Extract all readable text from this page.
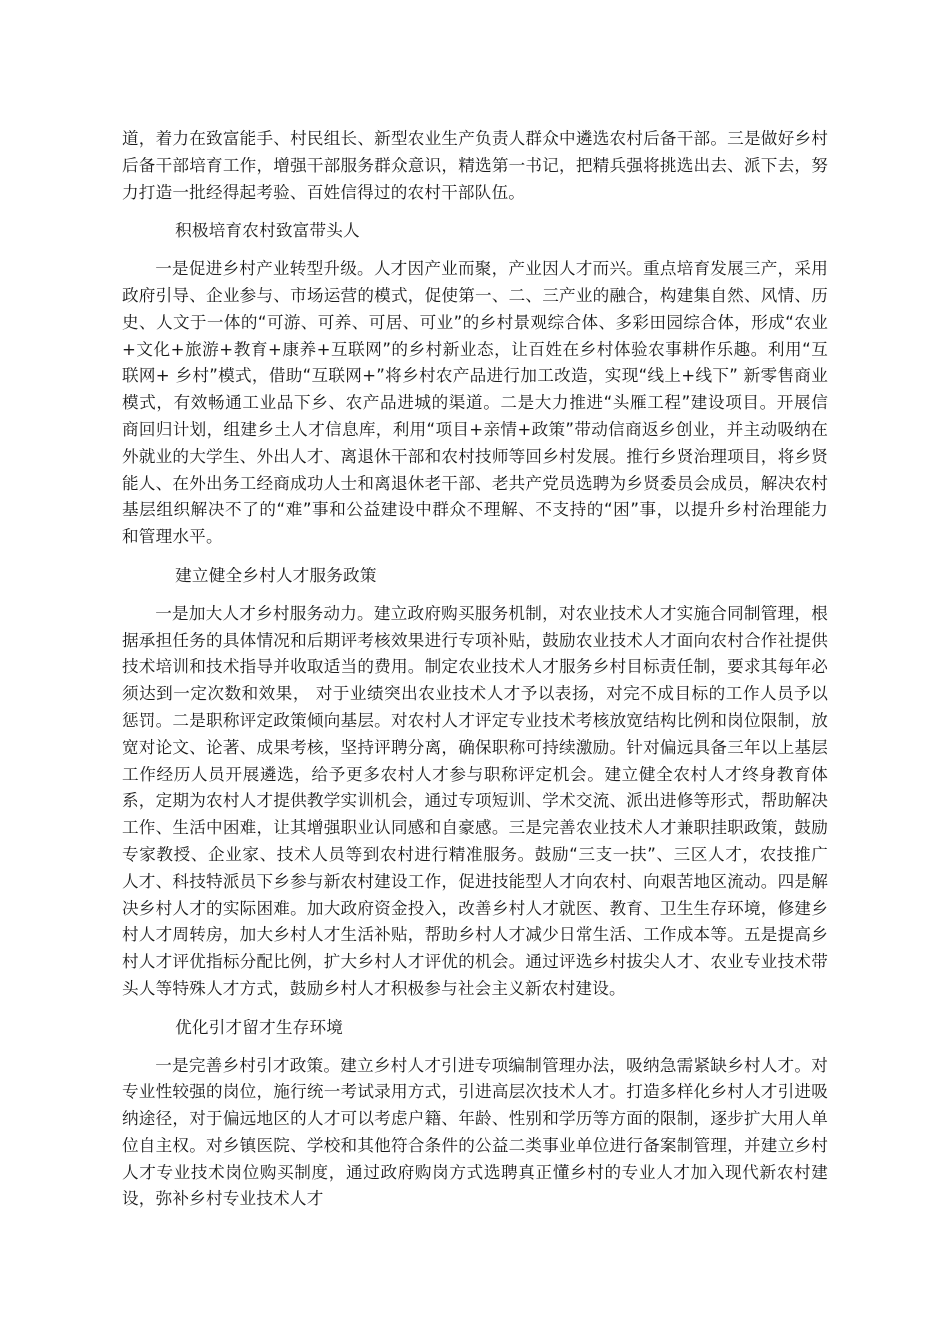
道，着力在致富能手、村民组长、新型农业生产负责人群众中遴选农村后备干部。三是做好乡村后备干部培育工作，增强干部服务群众意识，精选第一书记，把精兵强将挑选出去、派下去，努力打造一批经得起考验、百姓信得过的农村干部队伍。

积极培育农村致富带头人

一是促进乡村产业转型升级。人才因产业而聚，产业因人才而兴。重点培育发展三产，采用政府引导、企业参与、市场运营的模式，促使第一、二、三产业的融合，构建集自然、风情、历史、人文于一体的“可游、可养、可居、可业”的乡村景观综合体、多彩田园综合体，形成“农业+文化+旅游+教育+康养+互联网”的乡村新业态，让百姓在乡村体验农事耕作乐趣。利用“互联网+ 乡村”模式，借助“互联网+”将乡村农产品进行加工改造，实现“线上+线下” 新零售商业模式，有效畅通工业品下乡、农产品进城的渠道。二是大力推进“头雁工程”建设项目。开展信商回归计划，组建乡土人才信息库，利用“项目+亲情+政策”带动信商返乡创业，并主动吸纳在外就业的大学生、外出人才、离退休干部和农村技师等回乡村发展。推行乡贤治理项目，将乡贤能人、在外出务工经商成功人士和离退休老干部、老共产党员选聘为乡贤委员会成员，解决农村基层组织解决不了的“难”事和公益建设中群众不理解、不支持的“困”事，以提升乡村治理能力和管理水平。

建立健全乡村人才服务政策

一是加大人才乡村服务动力。建立政府购买服务机制，对农业技术人才实施合同制管理，根据承担任务的具体情况和后期评考核效果进行专项补贴，鼓励农业技术人才面向农村合作社提供技术培训和技术指导并收取适当的费用。制定农业技术人才服务乡村目标责任制，要求其每年必须达到一定次数和效果， 对于业绩突出农业技术人才予以表扬，对完不成目标的工作人员予以惩罚。二是职称评定政策倾向基层。对农村人才评定专业技术考核放宽结构比例和岗位限制，放宽对论文、论著、成果考核，坚持评聘分离，确保职称可持续激励。针对偏远具备三年以上基层工作经历人员开展遴选，给予更多农村人才参与职称评定机会。建立健全农村人才终身教育体系，定期为农村人才提供教学实训机会，通过专项短训、学术交流、派出进修等形式，帮助解决工作、生活中困难，让其增强职业认同感和自豪感。三是完善农业技术人才兼职挂职政策，鼓励专家教授、企业家、技术人员等到农村进行精准服务。鼓励“三支一扶”、三区人才，农技推广人才、科技特派员下乡参与新农村建设工作，促进技能型人才向农村、向艰苦地区流动。四是解决乡村人才的实际困难。加大政府资金投入，改善乡村人才就医、教育、卫生生存环境，修建乡村人才周转房，加大乡村人才生活补贴，帮助乡村人才减少日常生活、工作成本等。五是提高乡村人才评优指标分配比例，扩大乡村人才评优的机会。通过评选乡村拔尖人才、农业专业技术带头人等特殊人才方式，鼓励乡村人才积极参与社会主义新农村建设。

优化引才留才生存环境

一是完善乡村引才政策。建立乡村人才引进专项编制管理办法，吸纳急需紧缺乡村人才。对专业性较强的岗位，施行统一考试录用方式，引进高层次技术人才。打造多样化乡村人才引进吸纳途径，对于偏远地区的人才可以考虑户籍、年龄、性别和学历等方面的限制，逐步扩大用人单位自主权。对乡镇医院、学校和其他符合条件的公益二类事业单位进行备案制管理，并建立乡村人才专业技术岗位购买制度，通过政府购岗方式选聘真正懂乡村的专业人才加入现代新农村建设，弥补乡村专业技术人才
